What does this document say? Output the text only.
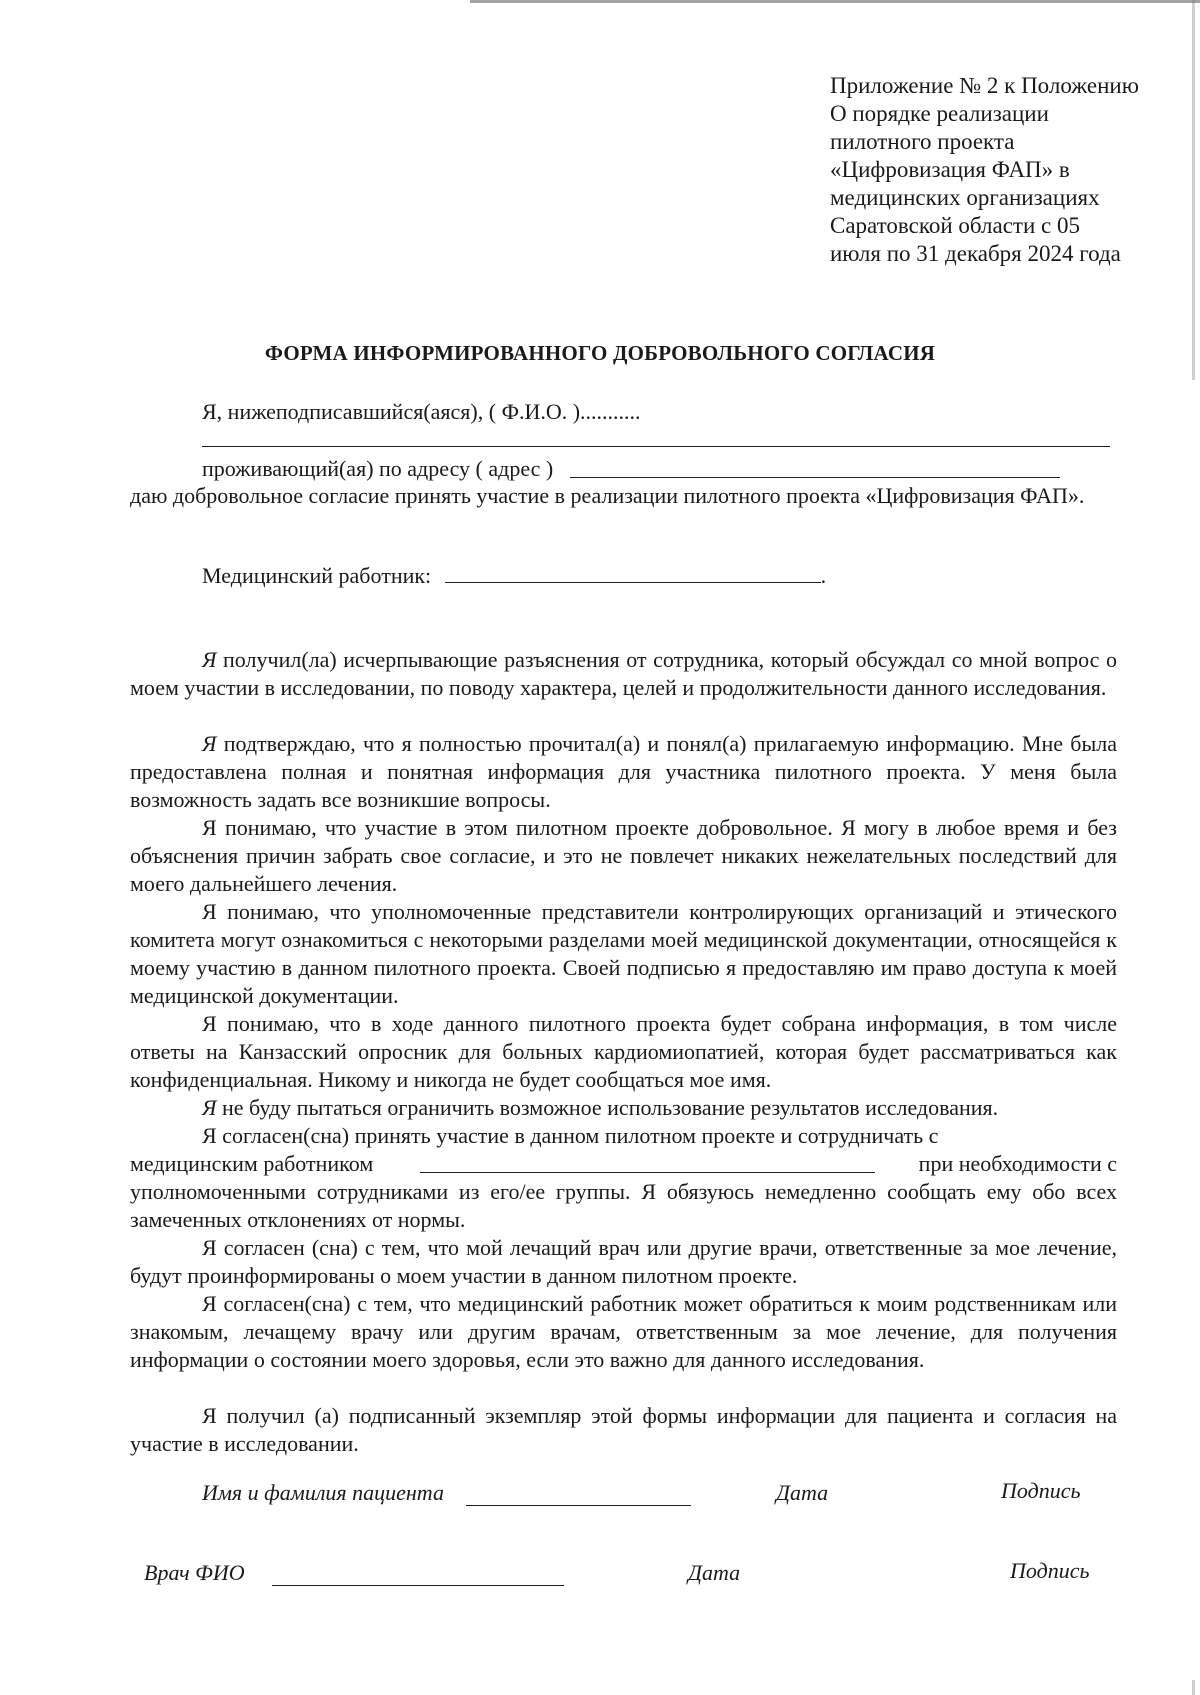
Приложение № 2 к Положению
О порядке реализации
пилотного проекта
«Цифровизация ФАП» в
медицинских организациях
Саратовской области с 05
июля по 31 декабря 2024 года
ФОРМА ИНФОРМИРОВАННОГО ДОБРОВОЛЬНОГО СОГЛАСИЯ
Я, нижеподписавшийся(аяся), ( Ф.И.О. )...........
проживающий(ая) по адресу ( адрес )

даю добровольное согласие принять участие в реализации пилотного проекта «Цифровизация ФАП».

Медицинский работник:	.

Я получил(ла) исчерпывающие разъяснения от сотрудника, который обсуждал со мной вопрос о моем участии в исследовании, по поводу характера, целей и продолжительности данного исследования.

Я подтверждаю, что я полностью прочитал(а) и понял(а) прилагаемую информацию. Мне была предоставлена полная и понятная информация для участника пилотного проекта. У меня была возможность задать все возникшие вопросы.

Я понимаю, что участие в этом пилотном проекте добровольное. Я могу в любое время и без объяснения причин забрать свое согласие, и это не повлечет никаких нежелательных последствий для моего дальнейшего лечения.

Я понимаю, что уполномоченные представители контролирующих организаций и этического комитета могут ознакомиться с некоторыми разделами моей медицинской документации, относящейся к моему участию в данном пилотного проекта. Своей подписью я предоставляю им право доступа к моей медицинской документации.

Я понимаю, что в ходе данного пилотного проекта будет собрана информация, в том числе ответы на Канзасский опросник для больных кардиомиопатией, которая будет рассматриваться как конфиденциальная. Никому и никогда не будет сообщаться мое имя.

Я не буду пытаться ограничить возможное использование результатов исследования.

Я согласен(сна) принять участие в данном пилотном проекте и сотрудничать с

медицинским работником	при необходимости с

уполномоченными сотрудниками из его/ее группы. Я обязуюсь немедленно сообщать ему обо всех замеченных отклонениях от нормы.

Я согласен (сна) с тем, что мой лечащий врач или другие врачи, ответственные за мое лечение, будут проинформированы о моем участии в данном пилотном проекте.

Я согласен(сна) с тем, что медицинский работник может обратиться к моим родственникам или знакомым, лечащему врачу или другим врачам, ответственным за мое лечение, для получения информации о состоянии моего здоровья, если это важно для данного исследования.

Я получил (а) подписанный экземпляр этой формы информации для пациента и согласия на участие в исследовании.

Имя и фамилия пациента	Дата	Подпись
Врач ФИО	Дата	Подпись
